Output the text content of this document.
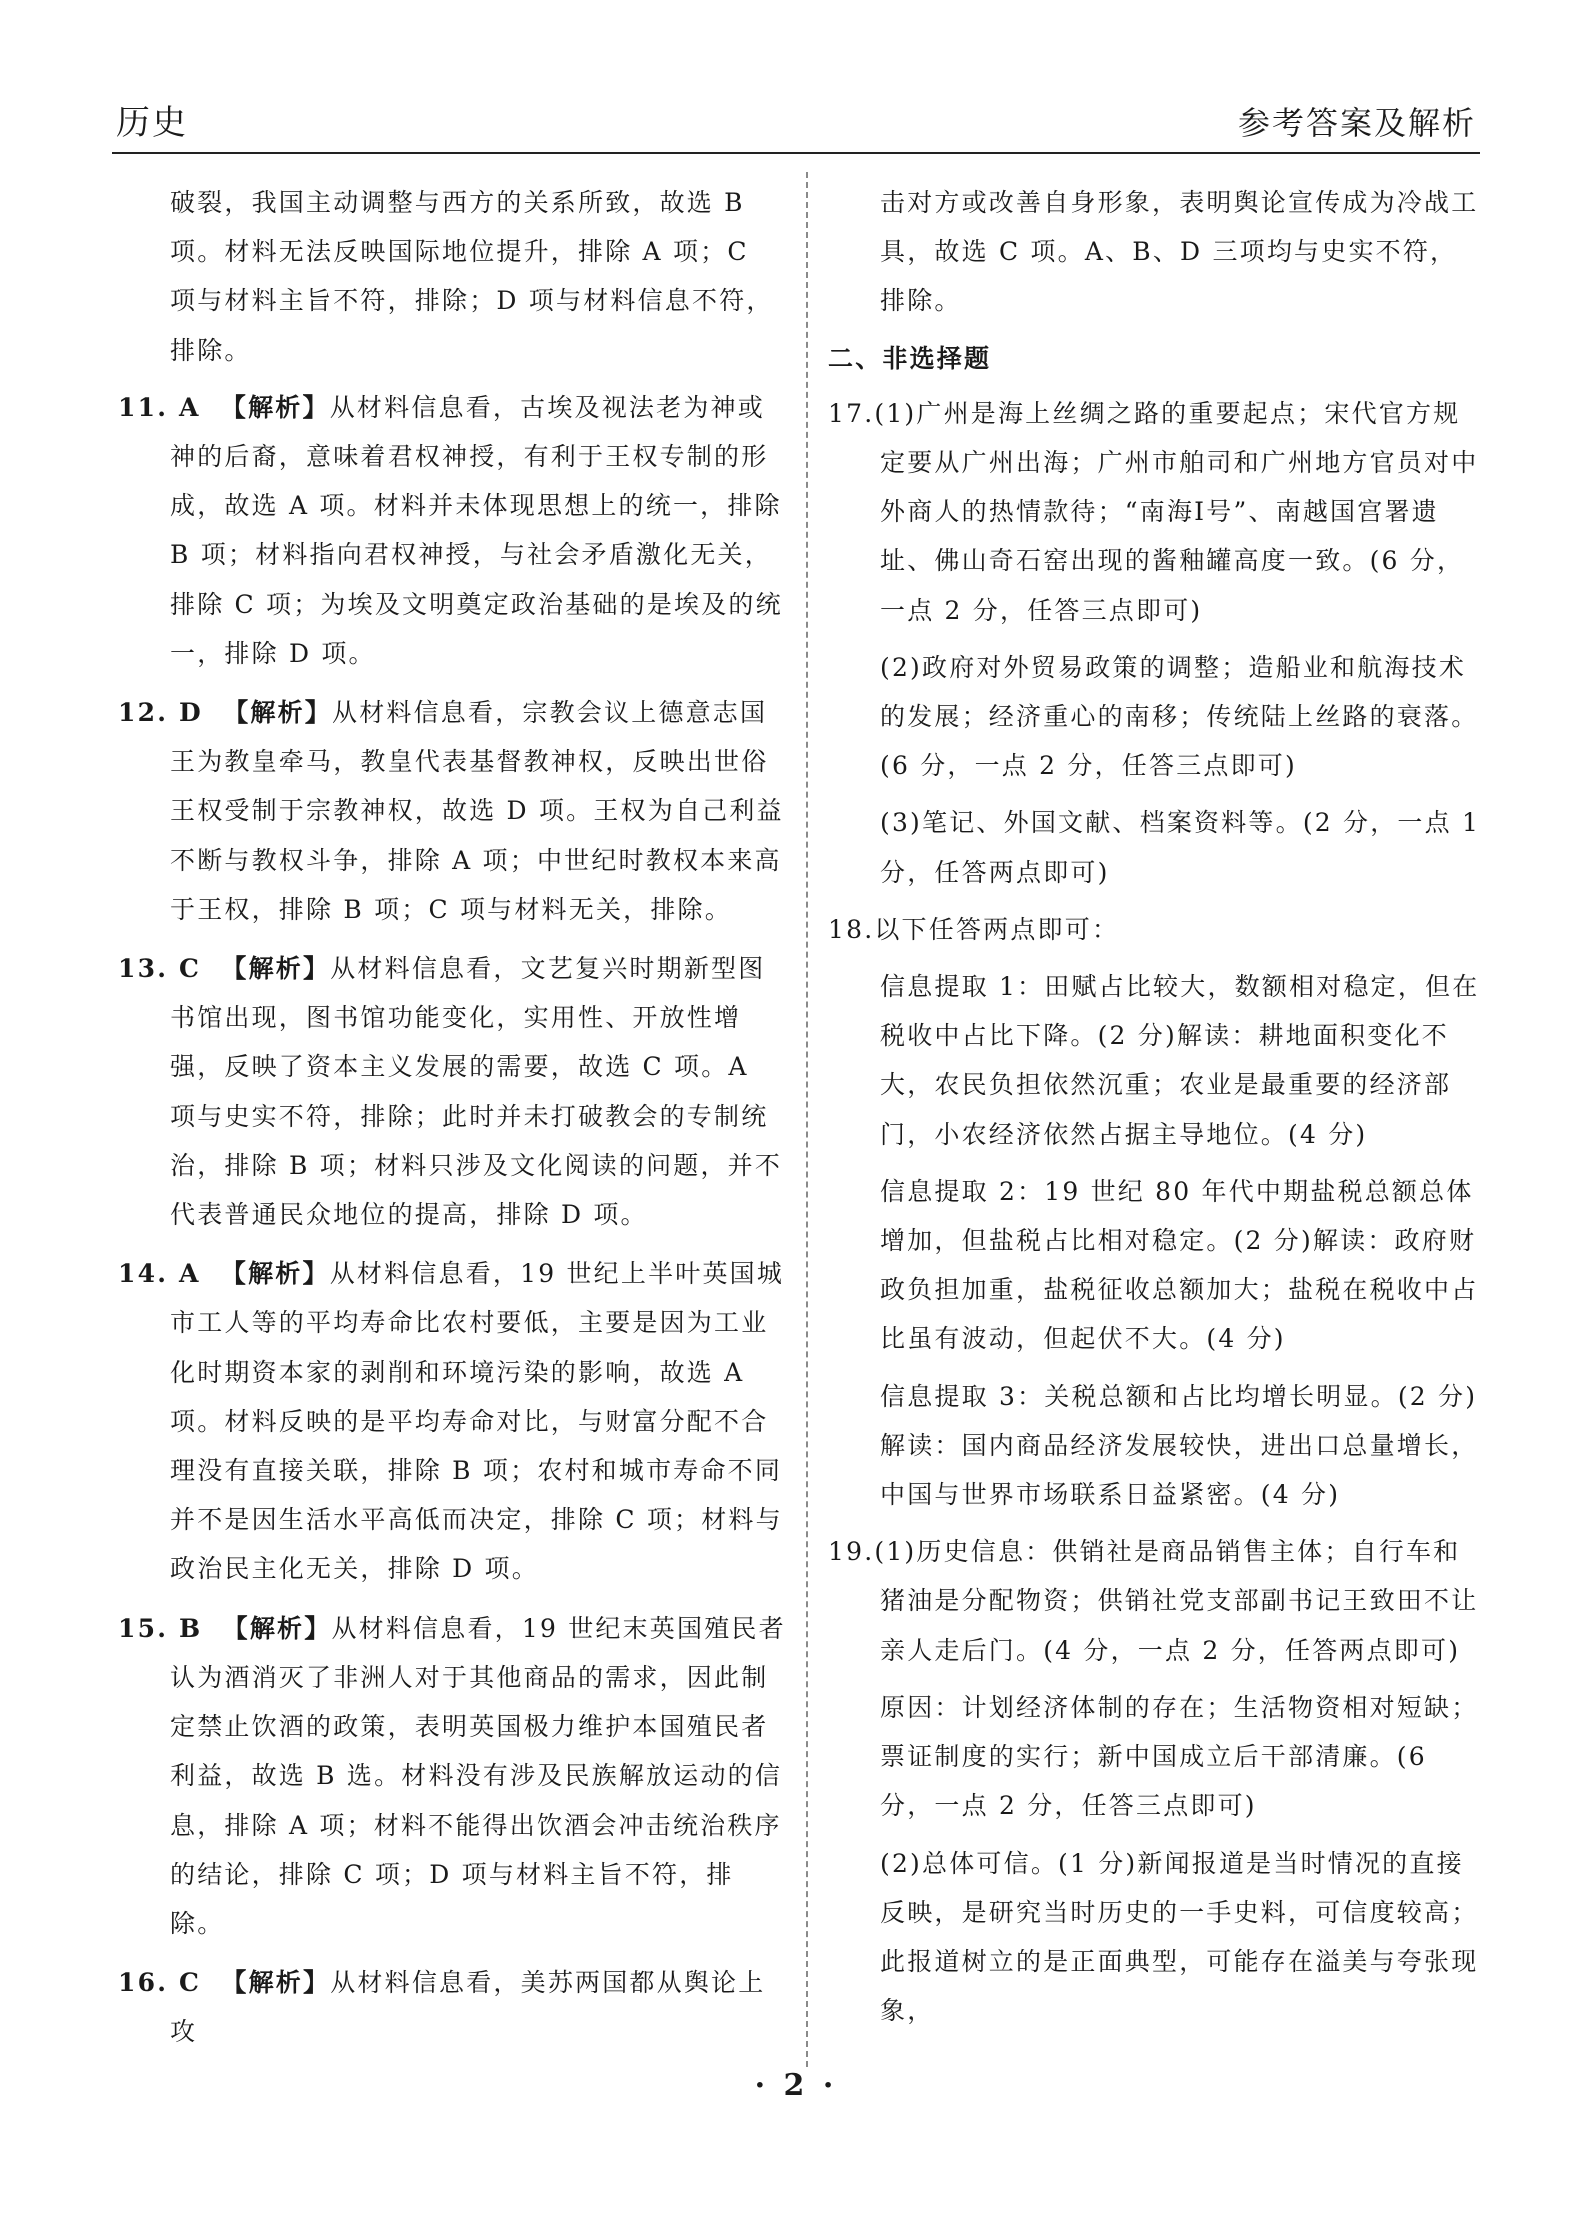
历史	参考答案及解析
破裂，我国主动调整与西方的关系所致，故选 B 项。材料无法反映国际地位提升，排除 A 项；C 项与材料主旨不符，排除；D 项与材料信息不符，排除。
11. A 【解析】从材料信息看，古埃及视法老为神或神的后裔，意味着君权神授，有利于王权专制的形成，故选 A 项。材料并未体现思想上的统一，排除 B 项；材料指向君权神授，与社会矛盾激化无关，排除 C 项；为埃及文明奠定政治基础的是埃及的统一，排除 D 项。
12. D 【解析】从材料信息看，宗教会议上德意志国王为教皇牵马，教皇代表基督教神权，反映出世俗王权受制于宗教神权，故选 D 项。王权为自己利益不断与教权斗争，排除 A 项；中世纪时教权本来高于王权，排除 B 项；C 项与材料无关，排除。
13. C 【解析】从材料信息看，文艺复兴时期新型图书馆出现，图书馆功能变化，实用性、开放性增强，反映了资本主义发展的需要，故选 C 项。A 项与史实不符，排除；此时并未打破教会的专制统治，排除 B 项；材料只涉及文化阅读的问题，并不代表普通民众地位的提高，排除 D 项。
14. A 【解析】从材料信息看，19 世纪上半叶英国城市工人等的平均寿命比农村要低，主要是因为工业化时期资本家的剥削和环境污染的影响，故选 A 项。材料反映的是平均寿命对比，与财富分配不合理没有直接关联，排除 B 项；农村和城市寿命不同并不是因生活水平高低而决定，排除 C 项；材料与政治民主化无关，排除 D 项。
15. B 【解析】从材料信息看，19 世纪末英国殖民者认为酒消灭了非洲人对于其他商品的需求，因此制定禁止饮酒的政策，表明英国极力维护本国殖民者利益，故选 B 选。材料没有涉及民族解放运动的信息，排除 A 项；材料不能得出饮酒会冲击统治秩序的结论，排除 C 项；D 项与材料主旨不符，排除。
16. C 【解析】从材料信息看，美苏两国都从舆论上攻
击对方或改善自身形象，表明舆论宣传成为冷战工具，故选 C 项。A、B、D 三项均与史实不符，排除。
二、非选择题
17.(1)广州是海上丝绸之路的重要起点；宋代官方规定要从广州出海；广州市舶司和广州地方官员对中外商人的热情款待；“南海Ⅰ号”、南越国宫署遗址、佛山奇石窑出现的酱釉罐高度一致。(6 分，一点 2 分，任答三点即可)
(2)政府对外贸易政策的调整；造船业和航海技术的发展；经济重心的南移；传统陆上丝路的衰落。(6 分，一点 2 分，任答三点即可)
(3)笔记、外国文献、档案资料等。(2 分，一点 1 分，任答两点即可)
18.以下任答两点即可：
信息提取 1：田赋占比较大，数额相对稳定，但在税收中占比下降。(2 分)解读：耕地面积变化不大，农民负担依然沉重；农业是最重要的经济部门，小农经济依然占据主导地位。(4 分)
信息提取 2：19 世纪 80 年代中期盐税总额总体增加，但盐税占比相对稳定。(2 分)解读：政府财政负担加重，盐税征收总额加大；盐税在税收中占比虽有波动，但起伏不大。(4 分)
信息提取 3：关税总额和占比均增长明显。(2 分)解读：国内商品经济发展较快，进出口总量增长，中国与世界市场联系日益紧密。(4 分)
19.(1)历史信息：供销社是商品销售主体；自行车和猪油是分配物资；供销社党支部副书记王致田不让亲人走后门。(4 分，一点 2 分，任答两点即可)
原因：计划经济体制的存在；生活物资相对短缺；票证制度的实行；新中国成立后干部清廉。(6 分，一点 2 分，任答三点即可)
(2)总体可信。(1 分)新闻报道是当时情况的直接反映，是研究当时历史的一手史料，可信度较高；此报道树立的是正面典型，可能存在溢美与夸张现象，
· 2 ·
